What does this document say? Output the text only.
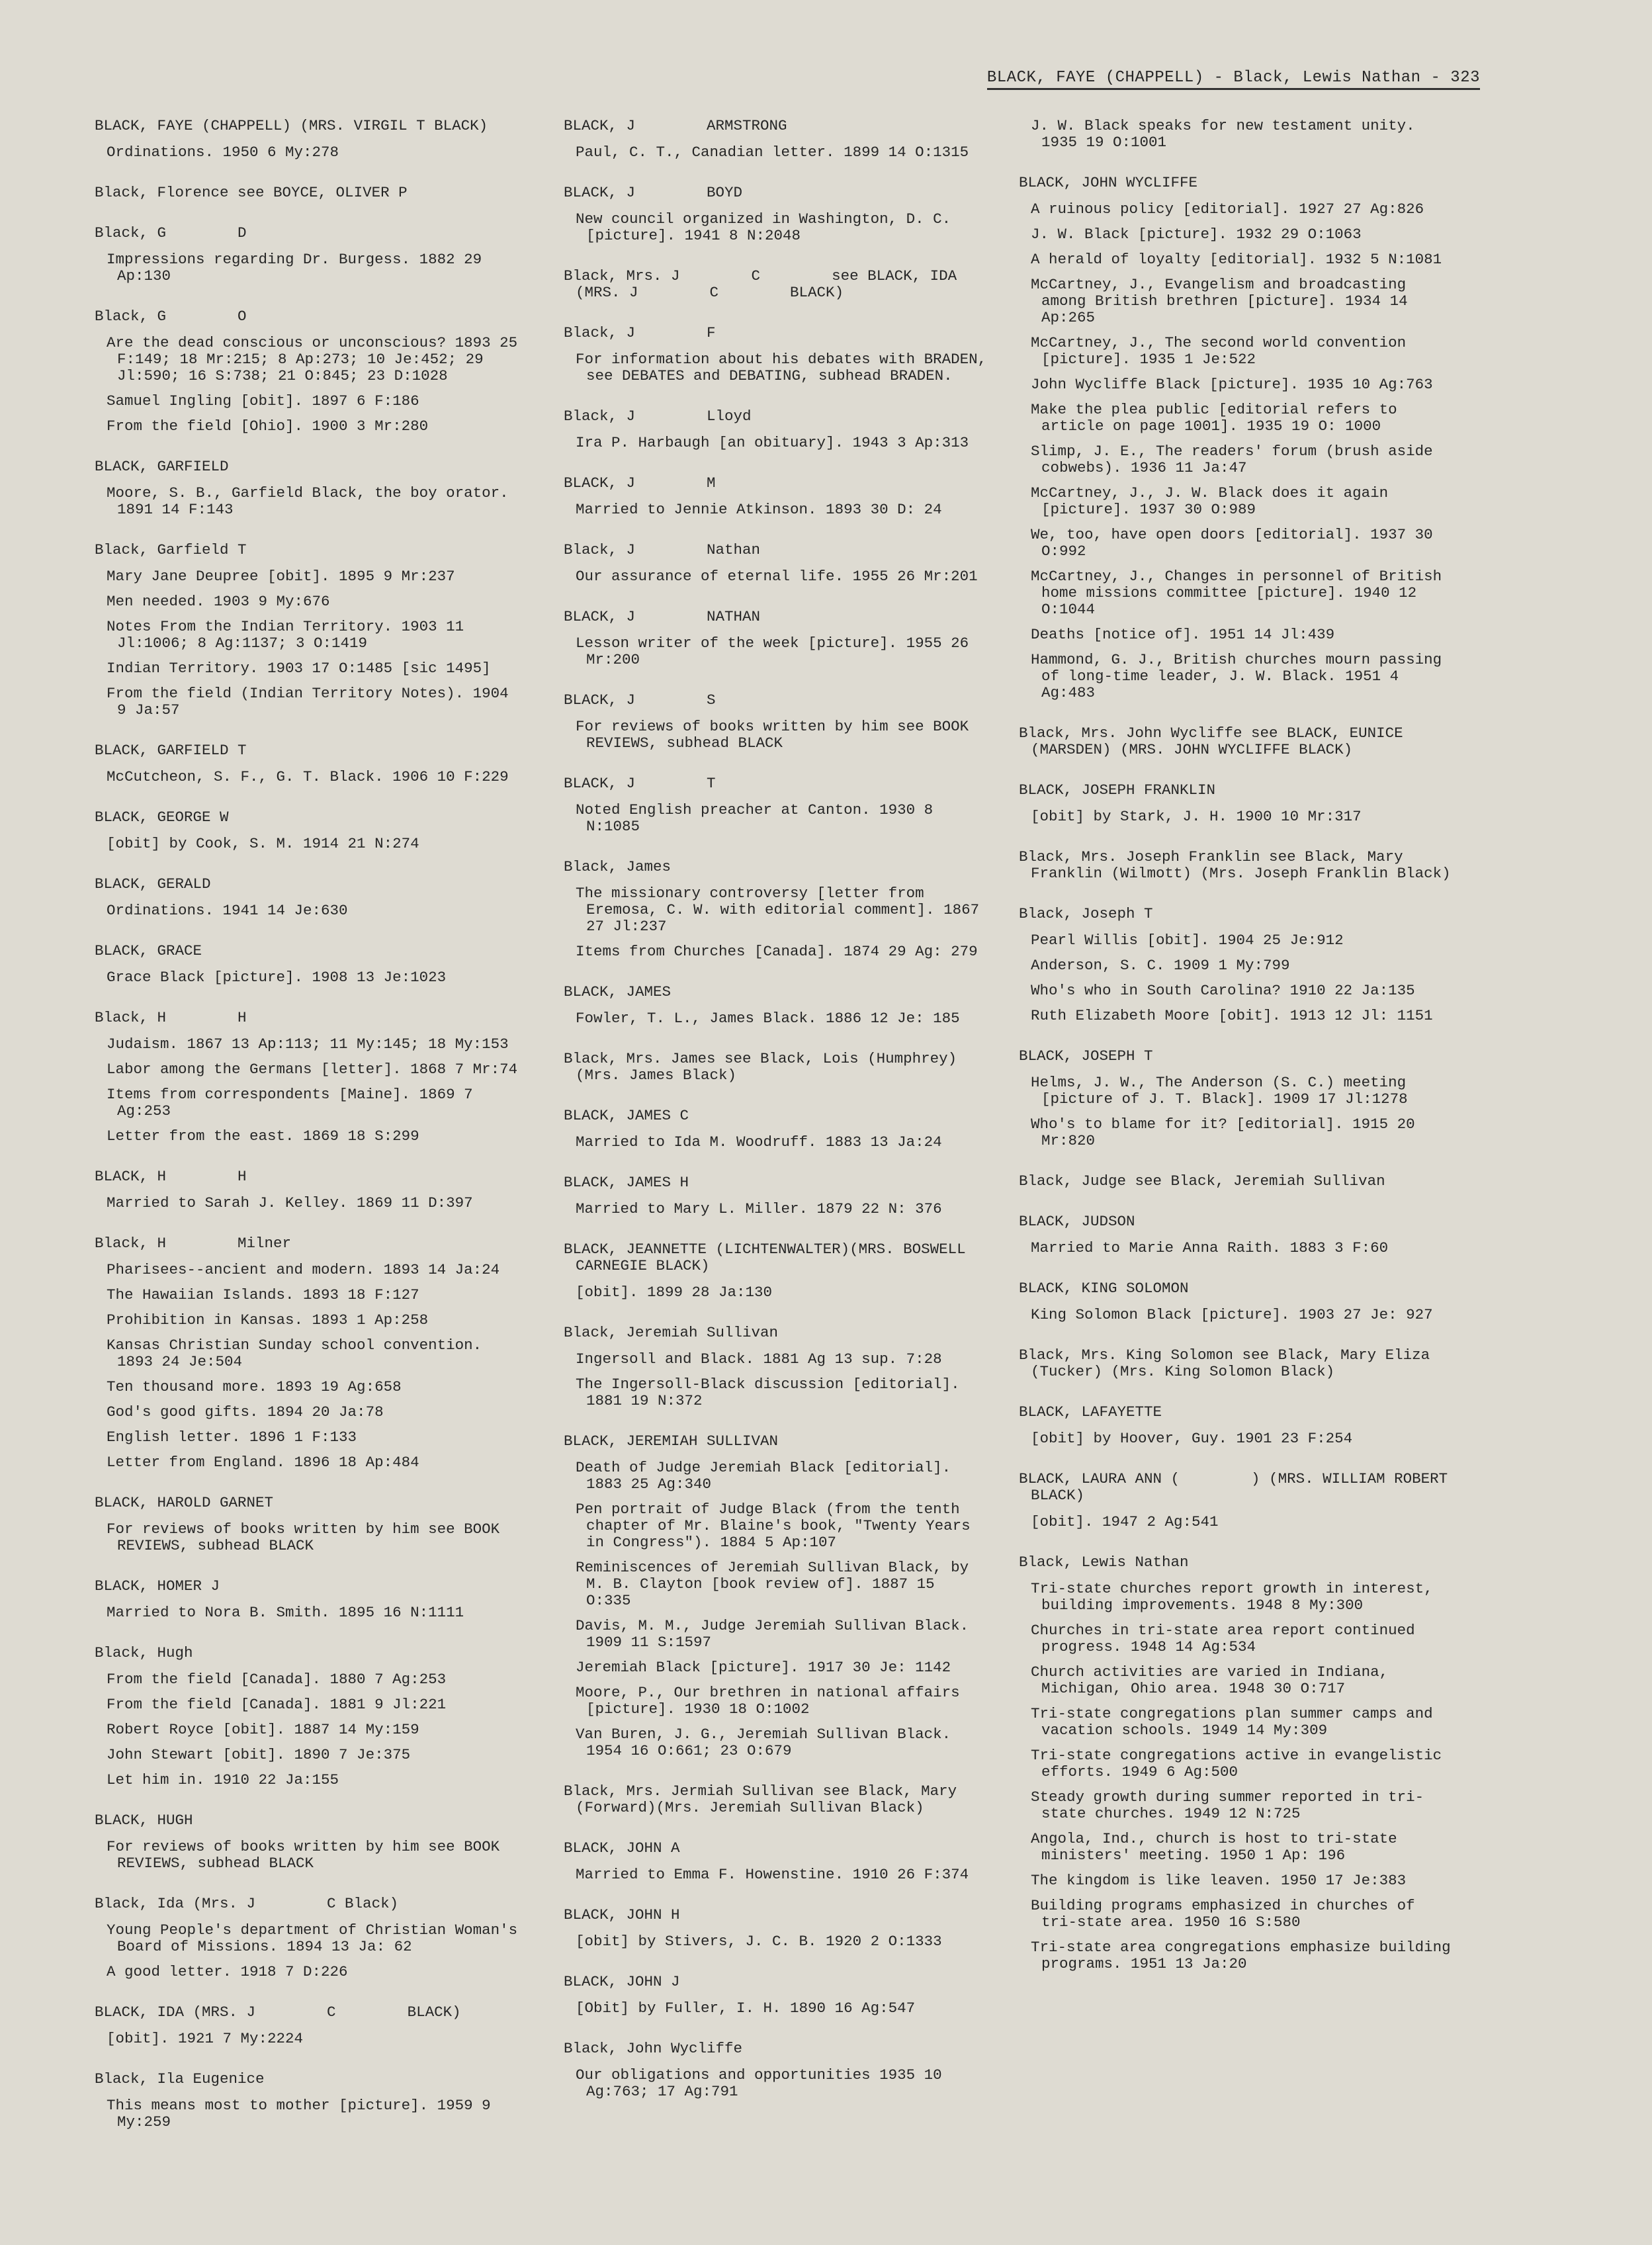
BLACK, FAYE (CHAPPELL) - Black, Lewis Nathan - 323
BLACK, FAYE (CHAPPELL) (MRS. VIRGIL T BLACK)
Ordinations. 1950 6 My:278
Black, Florence see BOYCE, OLIVER P
Black, G        D
Impressions regarding Dr. Burgess. 1882 29 Ap:130
Black, G        O
Are the dead conscious or unconscious? 1893 25 F:149; 18 Mr:215; 8 Ap:273; 10 Je:452; 29 Jl:590; 16 S:738; 21 O:845; 23 D:1028
Samuel Ingling [obit]. 1897 6 F:186
From the field [Ohio]. 1900 3 Mr:280
BLACK, GARFIELD
Moore, S. B., Garfield Black, the boy orator. 1891 14 F:143
Black, Garfield T
Mary Jane Deupree [obit]. 1895 9 Mr:237
Men needed. 1903 9 My:676
Notes From the Indian Territory. 1903 11 Jl:1006; 8 Ag:1137; 3 O:1419
Indian Territory. 1903 17 O:1485 [sic 1495]
From the field (Indian Territory Notes). 1904 9 Ja:57
BLACK, GARFIELD T
McCutcheon, S. F., G. T. Black. 1906 10 F:229
BLACK, GEORGE W
[obit] by Cook, S. M. 1914 21 N:274
BLACK, GERALD
Ordinations. 1941 14 Je:630
BLACK, GRACE
Grace Black [picture]. 1908 13 Je:1023
Black, H        H
Judaism. 1867 13 Ap:113; 11 My:145; 18 My:153
Labor among the Germans [letter]. 1868 7 Mr:74
Items from correspondents [Maine]. 1869 7 Ag:253
Letter from the east. 1869 18 S:299
BLACK, H        H
Married to Sarah J. Kelley. 1869 11 D:397
Black, H        Milner
Pharisees--ancient and modern. 1893 14 Ja:24
The Hawaiian Islands. 1893 18 F:127
Prohibition in Kansas. 1893 1 Ap:258
Kansas Christian Sunday school convention. 1893 24 Je:504
Ten thousand more. 1893 19 Ag:658
God's good gifts. 1894 20 Ja:78
English letter. 1896 1 F:133
Letter from England. 1896 18 Ap:484
BLACK, HAROLD GARNET
For reviews of books written by him see BOOK REVIEWS, subhead BLACK
BLACK, HOMER J
Married to Nora B. Smith. 1895 16 N:1111
Black, Hugh
From the field [Canada]. 1880 7 Ag:253
From the field [Canada]. 1881 9 Jl:221
Robert Royce [obit]. 1887 14 My:159
John Stewart [obit]. 1890 7 Je:375
Let him in. 1910 22 Ja:155
BLACK, HUGH
For reviews of books written by him see BOOK REVIEWS, subhead BLACK
Black, Ida (Mrs. J        C Black)
Young People's department of Christian Woman's Board of Missions. 1894 13 Ja: 62
A good letter. 1918 7 D:226
BLACK, IDA (MRS. J        C        BLACK)
[obit]. 1921 7 My:2224
Black, Ila Eugenice
This means most to mother [picture]. 1959 9 My:259
BLACK, J        ARMSTRONG
Paul, C. T., Canadian letter. 1899 14 O:1315
BLACK, J        BOYD
New council organized in Washington, D. C. [picture]. 1941 8 N:2048
Black, Mrs. J        C        see BLACK, IDA (MRS. J        C        BLACK)
Black, J        F
For information about his debates with BRADEN, see DEBATES and DEBATING, subhead BRADEN.
Black, J        Lloyd
Ira P. Harbaugh [an obituary]. 1943 3 Ap:313
BLACK, J        M
Married to Jennie Atkinson. 1893 30 D: 24
Black, J        Nathan
Our assurance of eternal life. 1955 26 Mr:201
BLACK, J        NATHAN
Lesson writer of the week [picture]. 1955 26 Mr:200
BLACK, J        S
For reviews of books written by him see BOOK REVIEWS, subhead BLACK
BLACK, J        T
Noted English preacher at Canton. 1930 8 N:1085
Black, James
The missionary controversy [letter from Eremosa, C. W. with editorial comment]. 1867 27 Jl:237
Items from Churches [Canada]. 1874 29 Ag: 279
BLACK, JAMES
Fowler, T. L., James Black. 1886 12 Je: 185
Black, Mrs. James see Black, Lois (Humphrey) (Mrs. James Black)
BLACK, JAMES C
Married to Ida M. Woodruff. 1883 13 Ja:24
BLACK, JAMES H
Married to Mary L. Miller. 1879 22 N: 376
BLACK, JEANNETTE (LICHTENWALTER)(MRS. BOSWELL CARNEGIE BLACK)
[obit]. 1899 28 Ja:130
Black, Jeremiah Sullivan
Ingersoll and Black. 1881 Ag 13 sup. 7:28
The Ingersoll-Black discussion [editorial]. 1881 19 N:372
BLACK, JEREMIAH SULLIVAN
Death of Judge Jeremiah Black [editorial]. 1883 25 Ag:340
Pen portrait of Judge Black (from the tenth chapter of Mr. Blaine's book, "Twenty Years in Congress"). 1884 5 Ap:107
Reminiscences of Jeremiah Sullivan Black, by M. B. Clayton [book review of]. 1887 15 O:335
Davis, M. M., Judge Jeremiah Sullivan Black. 1909 11 S:1597
Jeremiah Black [picture]. 1917 30 Je: 1142
Moore, P., Our brethren in national affairs [picture]. 1930 18 O:1002
Van Buren, J. G., Jeremiah Sullivan Black. 1954 16 O:661; 23 O:679
Black, Mrs. Jermiah Sullivan see Black, Mary (Forward)(Mrs. Jeremiah Sullivan Black)
BLACK, JOHN A
Married to Emma F. Howenstine. 1910 26 F:374
BLACK, JOHN H
[obit] by Stivers, J. C. B. 1920 2 O:1333
BLACK, JOHN J
[Obit] by Fuller, I. H. 1890 16 Ag:547
Black, John Wycliffe
Our obligations and opportunities 1935 10 Ag:763; 17 Ag:791
J. W. Black speaks for new testament unity. 1935 19 O:1001
BLACK, JOHN WYCLIFFE
A ruinous policy [editorial]. 1927 27 Ag:826
J. W. Black [picture]. 1932 29 O:1063
A herald of loyalty [editorial]. 1932 5 N:1081
McCartney, J., Evangelism and broadcasting among British brethren [picture]. 1934 14 Ap:265
McCartney, J., The second world convention [picture]. 1935 1 Je:522
John Wycliffe Black [picture]. 1935 10 Ag:763
Make the plea public [editorial refers to article on page 1001]. 1935 19 O: 1000
Slimp, J. E., The readers' forum (brush aside cobwebs). 1936 11 Ja:47
McCartney, J., J. W. Black does it again [picture]. 1937 30 O:989
We, too, have open doors [editorial]. 1937 30 O:992
McCartney, J., Changes in personnel of British home missions committee [picture]. 1940 12 O:1044
Deaths [notice of]. 1951 14 Jl:439
Hammond, G. J., British churches mourn passing of long-time leader, J. W. Black. 1951 4 Ag:483
Black, Mrs. John Wycliffe see BLACK, EUNICE (MARSDEN) (MRS. JOHN WYCLIFFE BLACK)
BLACK, JOSEPH FRANKLIN
[obit] by Stark, J. H. 1900 10 Mr:317
Black, Mrs. Joseph Franklin see Black, Mary Franklin (Wilmott) (Mrs. Joseph Franklin Black)
Black, Joseph T
Pearl Willis [obit]. 1904 25 Je:912
Anderson, S. C. 1909 1 My:799
Who's who in South Carolina? 1910 22 Ja:135
Ruth Elizabeth Moore [obit]. 1913 12 Jl: 1151
BLACK, JOSEPH T
Helms, J. W., The Anderson (S. C.) meeting [picture of J. T. Black]. 1909 17 Jl:1278
Who's to blame for it? [editorial]. 1915 20 Mr:820
Black, Judge see Black, Jeremiah Sullivan
BLACK, JUDSON
Married to Marie Anna Raith. 1883 3 F:60
BLACK, KING SOLOMON
King Solomon Black [picture]. 1903 27 Je: 927
Black, Mrs. King Solomon see Black, Mary Eliza (Tucker) (Mrs. King Solomon Black)
BLACK, LAFAYETTE
[obit] by Hoover, Guy. 1901 23 F:254
BLACK, LAURA ANN (        ) (MRS. WILLIAM ROBERT BLACK)
[obit]. 1947 2 Ag:541
Black, Lewis Nathan
Tri-state churches report growth in interest, building improvements. 1948 8 My:300
Churches in tri-state area report continued progress. 1948 14 Ag:534
Church activities are varied in Indiana, Michigan, Ohio area. 1948 30 O:717
Tri-state congregations plan summer camps and vacation schools. 1949 14 My:309
Tri-state congregations active in evangelistic efforts. 1949 6 Ag:500
Steady growth during summer reported in tri-state churches. 1949 12 N:725
Angola, Ind., church is host to tri-state ministers' meeting. 1950 1 Ap: 196
The kingdom is like leaven. 1950 17 Je:383
Building programs emphasized in churches of tri-state area. 1950 16 S:580
Tri-state area congregations emphasize building programs. 1951 13 Ja:20
